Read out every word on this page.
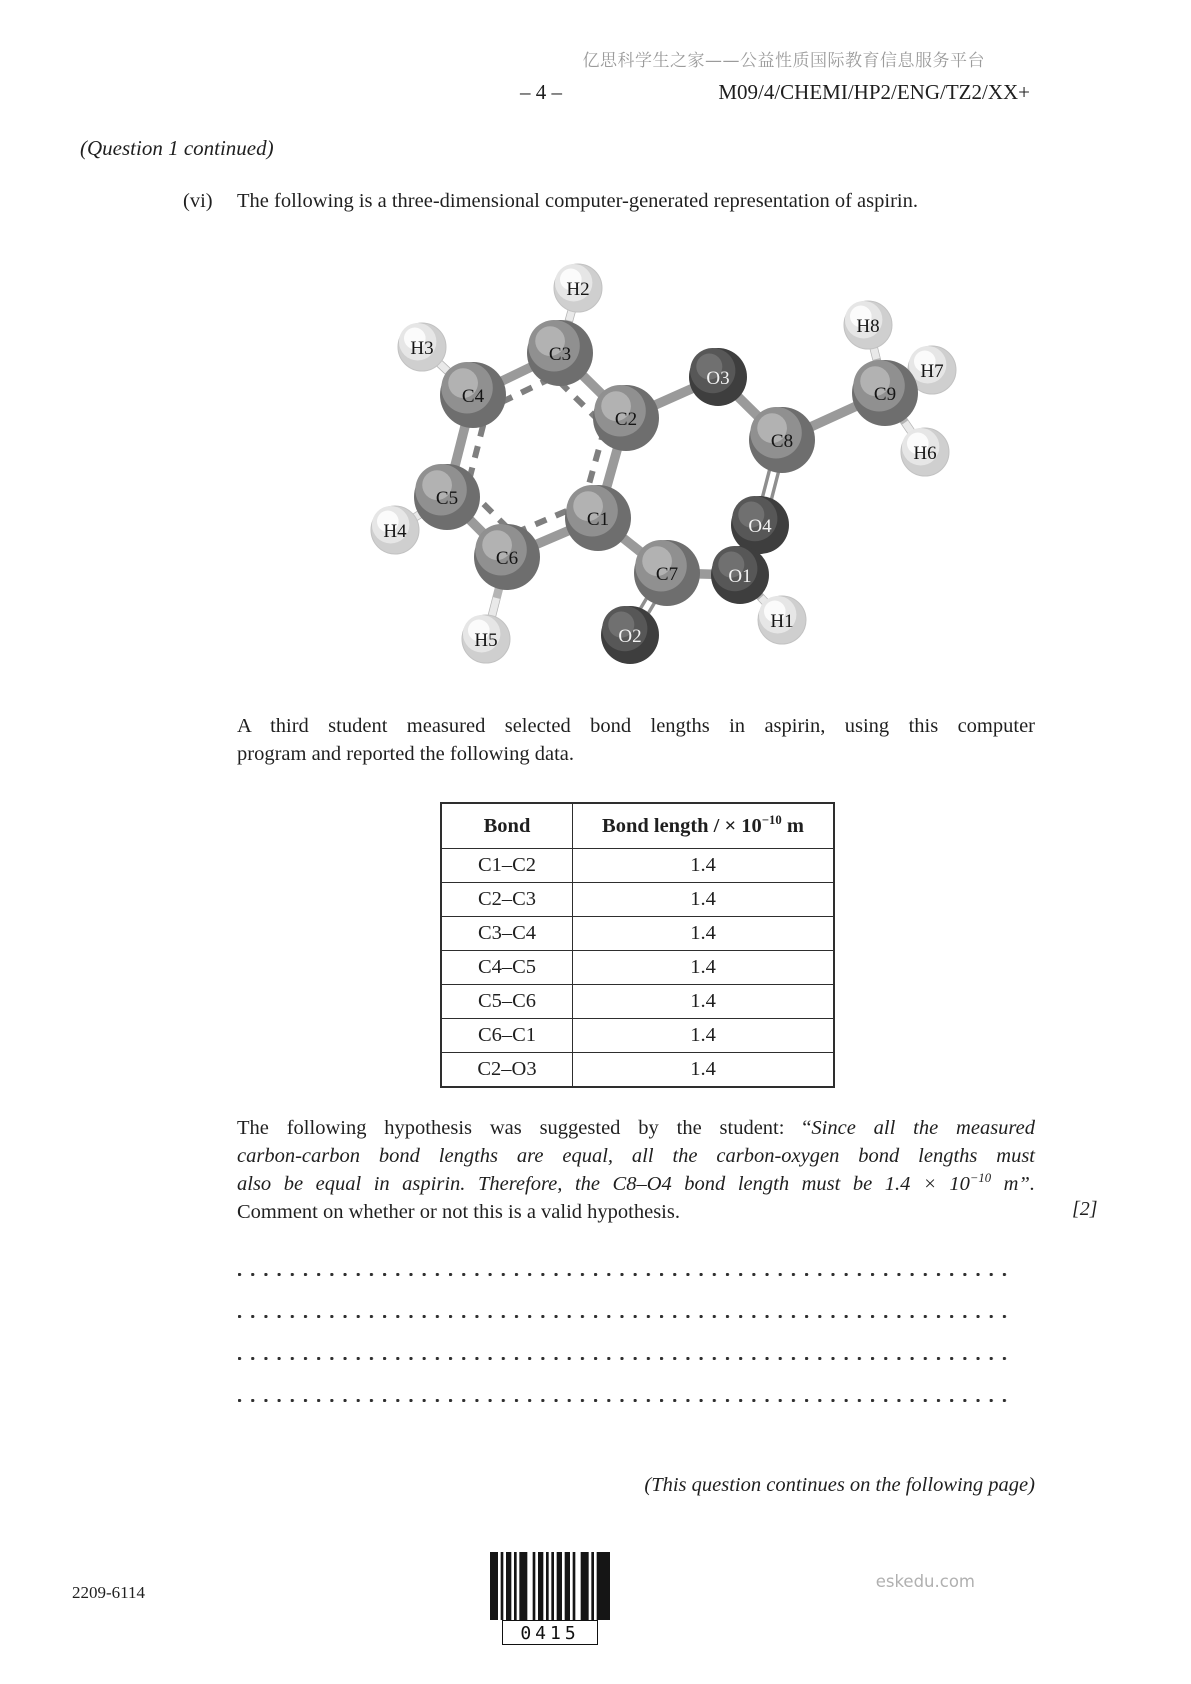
亿思科学生之家——公益性质国际教育信息服务平台
– 4 –	M09/4/CHEMI/HP2/ENG/TZ2/XX+
(Question 1 continued)
(vi) The following is a three-dimensional computer-generated representation of aspirin.
H2
H3
H4
H5
H8
H7
O3
O4
O2
C3
C4
C5
C6
C2
C1
C9
C8
C7	O1
H1
H6
A third student measured selected bond lengths in aspirin, using this computer
program and reported the following data.
Bond	Bond length / × $10^{-10}$ m
C1–C2	1.4
C2–C3	1.4
C3–C4	1.4
C4–C5	1.4
C5–C6	1.4
C6–C1	1.4
C2–O3	1.4
The following hypothesis was suggested by the student: “Since all the measured
carbon-carbon bond lengths are equal, all the carbon-oxygen bond lengths must
also be equal in aspirin. Therefore, the C8–O4 bond length must be $1.4 \times 10^{-10}$ m”.
Comment on whether or not this is a valid hypothesis.	[2]
(This question continues on the following page)
2209-6114
0415
eskedu.com
